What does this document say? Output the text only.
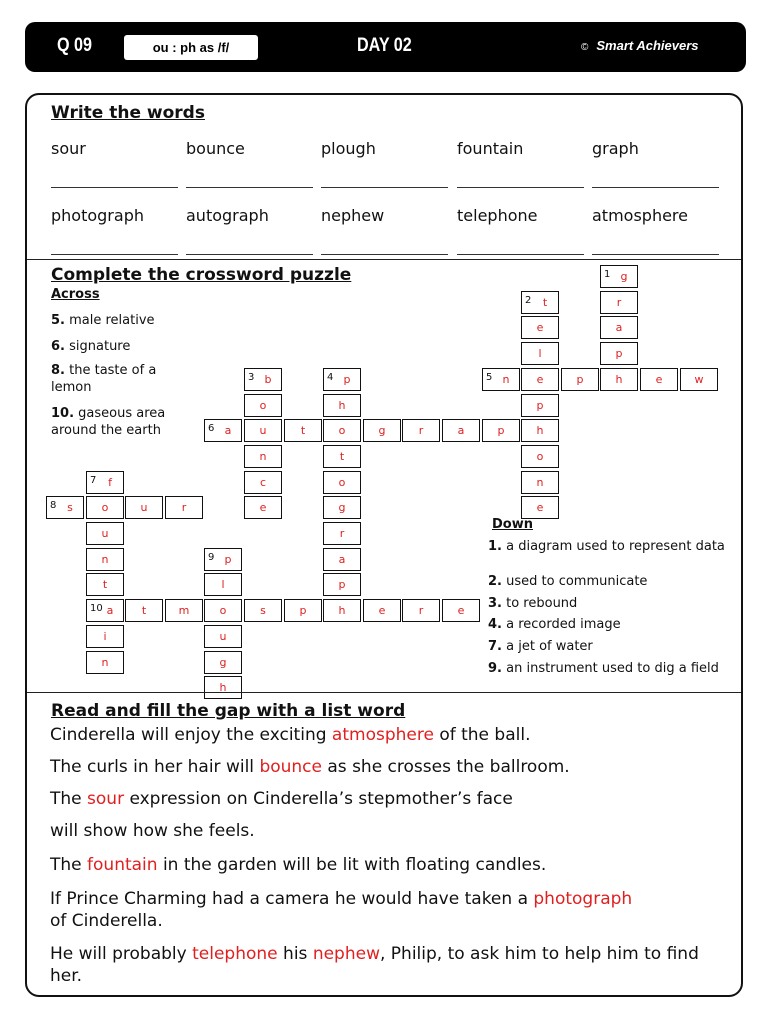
Q 09	ou : ph as /f/	DAY 02	© Smart Achievers
Write the words
sour	bounce	plough	fountain	graph
photograph	autograph	nephew	telephone	atmosphere
Complete the crossword puzzle
Across
5. male relative
6. signature
8. the taste of a lemon
10. gaseous area around the earth
1 g
r
a
p
h
2	t
e
l
e
p
h
o
n
e
3 b
o
u
n
c
e
4 p
h
o
t
o
g
r
a
p
h
5 n	p	e	w
6 a	t	g	r	a	p
7	f
o
u
n
t
10 a
i
n
8 s	u	r
9 p
l
o
u
g
h
t	m	s	p	e	r	e
Down
1. a diagram used to represent data
2. used to communicate
3. to rebound
4. a recorded image
7. a jet of water
9. an instrument used to dig a field
Read and fill the gap with a list word
Cinderella will enjoy the exciting atmosphere of the ball.
The curls in her hair will bounce as she crosses the ballroom.
The sour expression on Cinderella’s stepmother’s face
will show how she feels.
The fountain in the garden will be lit with floating candles.
If Prince Charming had a camera he would have taken a photograph of Cinderella.
He will probably telephone his nephew, Philip, to ask him to help him to find her.
